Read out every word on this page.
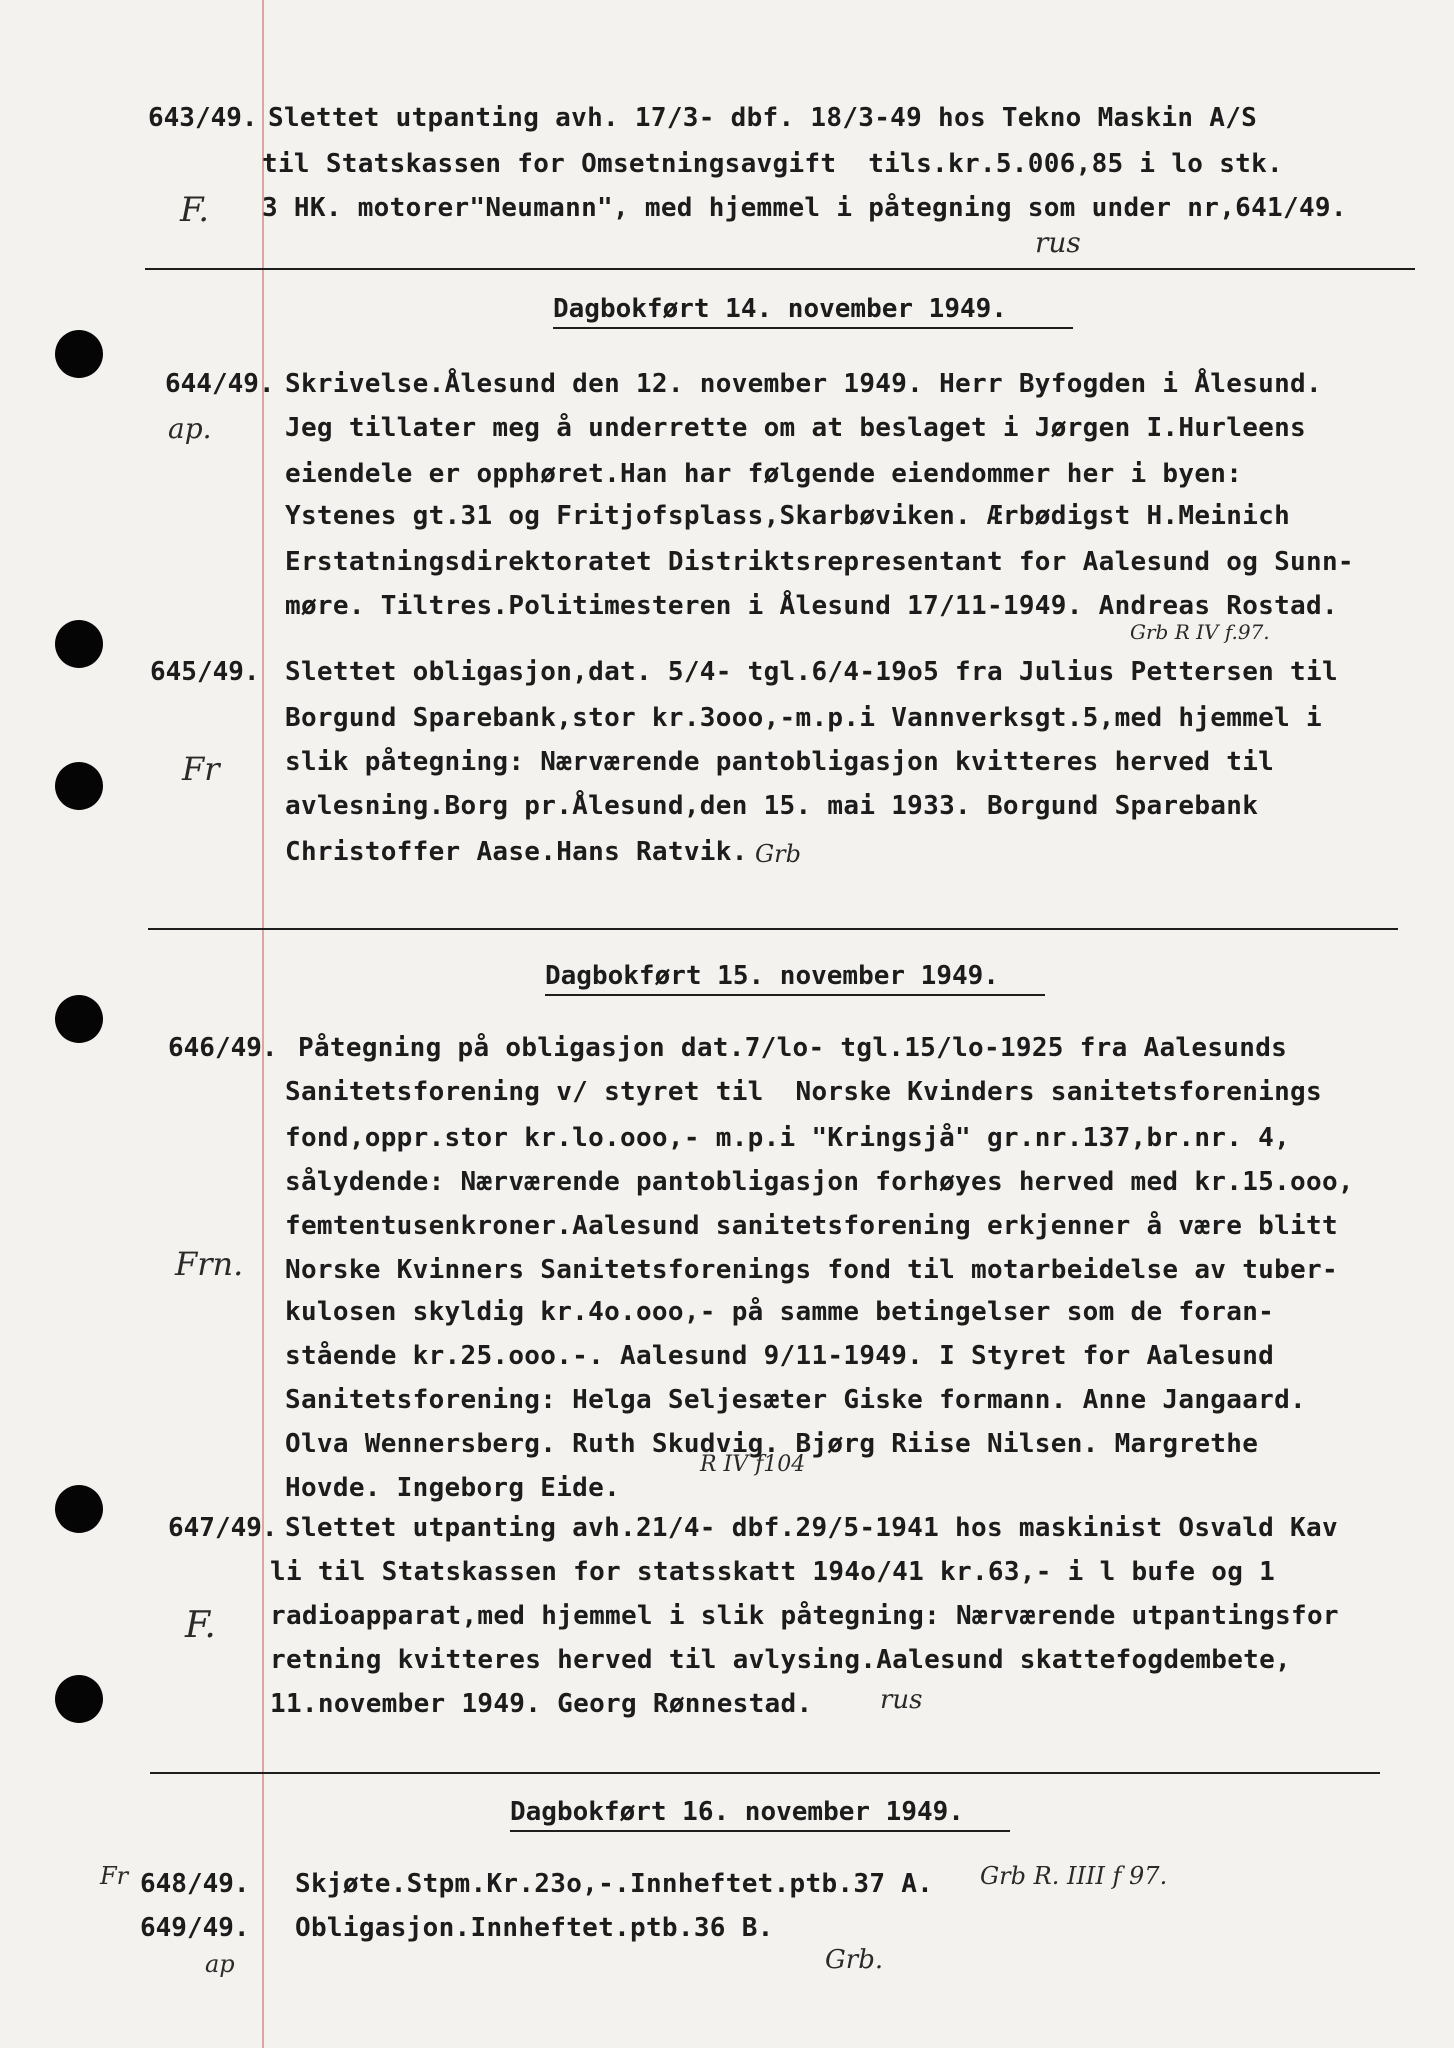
643/49. Slettet utpanting avh. 17/3- dbf. 18/3-49 hos Tekno Maskin A/S
til Statskassen for Omsetningsavgift  tils.kr.5.006,85 i lo stk.
3 HK. motorer"Neumann", med hjemmel i påtegning som under nr,641/49.
F.
rus
Dagbokført 14. november 1949.
644/49. Skrivelse.Ålesund den 12. november 1949. Herr Byfogden i Ålesund.
Jeg tillater meg å underrette om at beslaget i Jørgen I.Hurleens
eiendele er opphøret.Han har følgende eiendommer her i byen:
Ystenes gt.31 og Fritjofsplass,Skarbøviken. Ærbødigst H.Meinich
Erstatningsdirektoratet Distriktsrepresentant for Aalesund og Sunn-
møre. Tiltres.Politimesteren i Ålesund 17/11-1949. Andreas Rostad.
ap.
Grb R IV f.97.
645/49. Slettet obligasjon,dat. 5/4- tgl.6/4-19o5 fra Julius Pettersen til
Borgund Sparebank,stor kr.3ooo,-m.p.i Vannverksgt.5,med hjemmel i
slik påtegning: Nærværende pantobligasjon kvitteres herved til
avlesning.Borg pr.Ålesund,den 15. mai 1933. Borgund Sparebank
Christoffer Aase.Hans Ratvik.
Fr
Grb
Dagbokført 15. november 1949.
646/49. Påtegning på obligasjon dat.7/lo- tgl.15/lo-1925 fra Aalesunds
Sanitetsforening v/ styret til  Norske Kvinders sanitetsforenings
fond,oppr.stor kr.lo.ooo,- m.p.i "Kringsjå" gr.nr.137,br.nr. 4,
sålydende: Nærværende pantobligasjon forhøyes herved med kr.15.ooo,
femtentusenkroner.Aalesund sanitetsforening erkjenner å være blitt
Norske Kvinners Sanitetsforenings fond til motarbeidelse av tuber-
kulosen skyldig kr.4o.ooo,- på samme betingelser som de foran-
stående kr.25.ooo.-. Aalesund 9/11-1949. I Styret for Aalesund
Sanitetsforening: Helga Seljesæter Giske formann. Anne Jangaard.
Olva Wennersberg. Ruth Skudvig. Bjørg Riise Nilsen. Margrethe
Hovde. Ingeborg Eide.
Frn.
R IV f104
647/49. Slettet utpanting avh.21/4- dbf.29/5-1941 hos maskinist Osvald Kav
li til Statskassen for statsskatt 194o/41 kr.63,- i l bufe og 1
radioapparat,med hjemmel i slik påtegning: Nærværende utpantingsfor
retning kvitteres herved til avlysing.Aalesund skattefogdembete,
11.november 1949. Georg Rønnestad.
F.
rus
Dagbokført 16. november 1949.
648/49. Skjøte.Stpm.Kr.23o,-.Innheftet.ptb.37 A.
Fr	Grb R. IIII f 97.
649/49. Obligasjon.Innheftet.ptb.36 B.
ap	Grb.
